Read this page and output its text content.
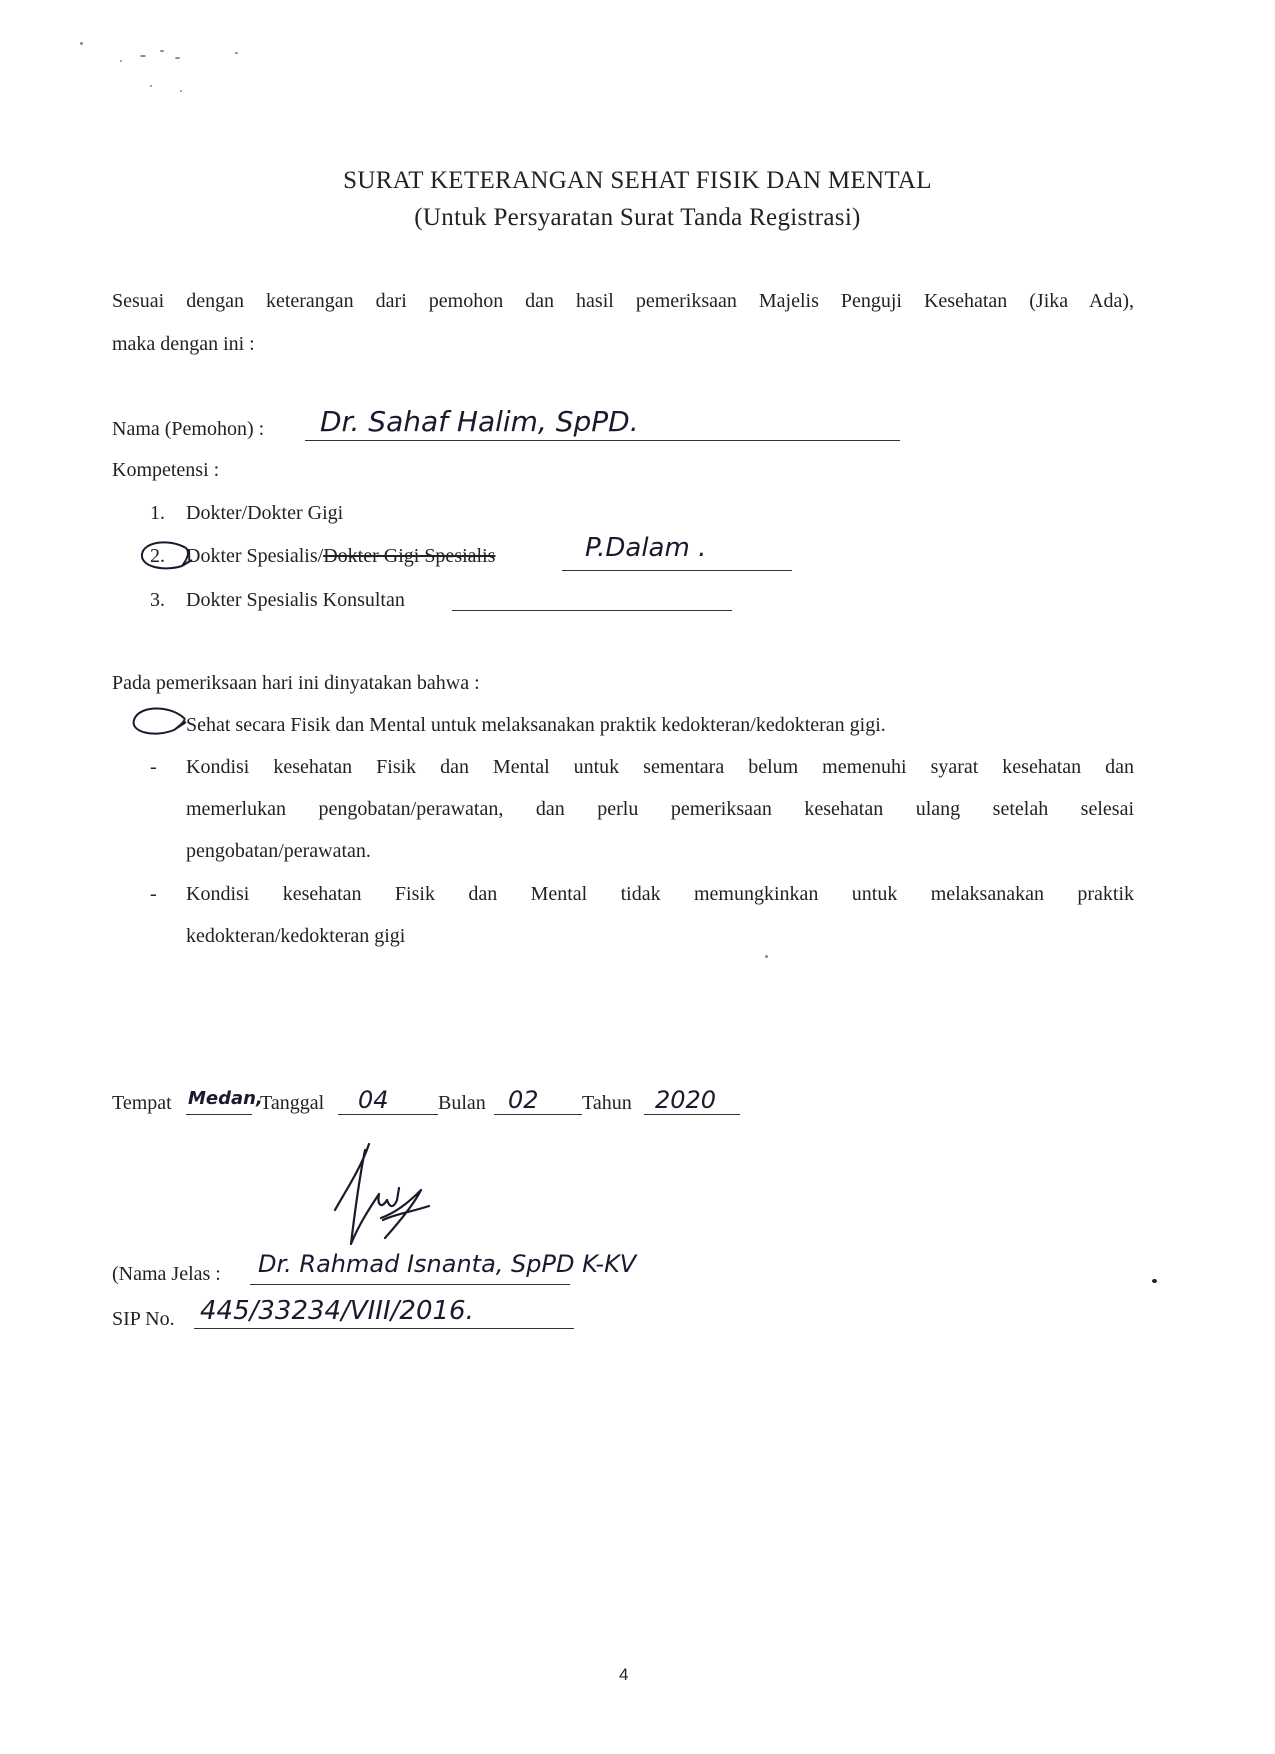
SURAT KETERANGAN SEHAT FISIK DAN MENTAL
(Untuk Persyaratan Surat Tanda Registrasi)
Sesuai dengan keterangan dari pemohon dan hasil pemeriksaan Majelis Penguji Kesehatan (Jika Ada),
maka dengan ini :
Nama (Pemohon) : Dr. Sahaf Halim, SpPD.
Kompetensi :
1. Dokter/Dokter Gigi
2. Dokter Spesialis/Dokter Gigi Spesialis	P.Dalam .
3. Dokter Spesialis Konsultan
Pada pemeriksaan hari ini dinyatakan bahwa :
Sehat secara Fisik dan Mental untuk melaksanakan praktik kedokteran/kedokteran gigi.
- Kondisi kesehatan Fisik dan Mental untuk sementara belum memenuhi syarat kesehatan dan
memerlukan pengobatan/perawatan, dan perlu pemeriksaan kesehatan ulang setelah selesai
pengobatan/perawatan.
- Kondisi kesehatan Fisik dan Mental tidak memungkinkan untuk melaksanakan praktik
kedokteran/kedokteran gigi
Tempat Medan,
Tanggal 04 Bulan 02 Tahun 2020
(Nama Jelas : Dr. Rahmad Isnanta, SpPD K-KV
SIP No. 445/33234/VIII/2016.
4
